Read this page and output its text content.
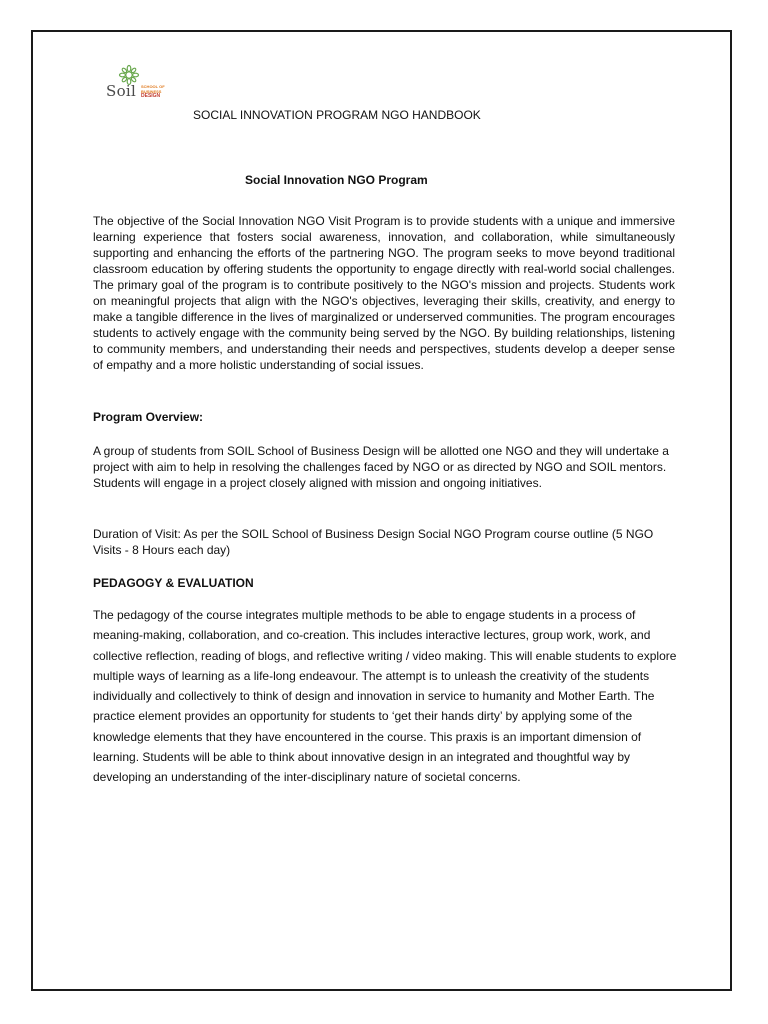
Soil SCHOOL OF
BUSINESS
DESIGN
SOCIAL INNOVATION PROGRAM NGO HANDBOOK
Social Innovation NGO Program

The objective of the Social Innovation NGO Visit Program is to provide students with a unique and immersive learning experience that fosters social awareness, innovation, and collaboration, while simultaneously supporting and enhancing the efforts of the partnering NGO. The program seeks to move beyond traditional classroom education by offering students the opportunity to engage directly with real-world social challenges. The primary goal of the program is to contribute positively to the NGO's mission and projects. Students work on meaningful projects that align with the NGO's objectives, leveraging their skills, creativity, and energy to make a tangible difference in the lives of marginalized or underserved communities. The program encourages students to actively engage with the community being served by the NGO. By building relationships, listening to community members, and understanding their needs and perspectives, students develop a deeper sense of empathy and a more holistic understanding of social issues.

Program Overview:

A group of students from SOIL School of Business Design will be allotted one NGO and they will undertake a project with aim to help in resolving the challenges faced by NGO or as directed by NGO and SOIL mentors. Students will engage in a project closely aligned with mission and ongoing initiatives.

Duration of Visit: As per the SOIL School of Business Design Social NGO Program course outline (5 NGO Visits - 8 Hours each day)

PEDAGOGY & EVALUATION

The pedagogy of the course integrates multiple methods to be able to engage students in a process of meaning-making, collaboration, and co-creation. This includes interactive lectures, group work, work, and collective reflection, reading of blogs, and reflective writing / video making. This will enable students to explore multiple ways of learning as a life-long endeavour. The attempt is to unleash the creativity of the students individually and collectively to think of design and innovation in service to humanity and Mother Earth. The practice element provides an opportunity for students to ‘get their hands dirty’ by applying some of the knowledge elements that they have encountered in the course. This praxis is an important dimension of learning. Students will be able to think about innovative design in an integrated and thoughtful way by developing an understanding of the inter-disciplinary nature of societal concerns.
